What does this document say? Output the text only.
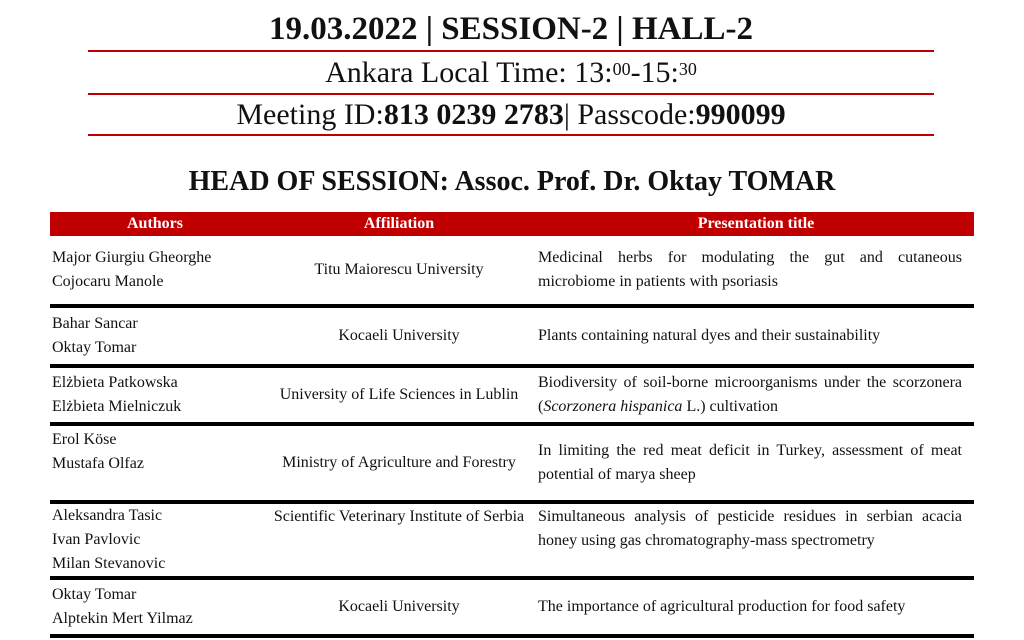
19.03.2022 | SESSION-2 | HALL-2
Ankara Local Time: 13:$^{00}$ -15:$^{30}$
Meeting ID: 813 0239 2783 | Passcode: 990099
HEAD OF SESSION: Assoc. Prof. Dr. Oktay TOMAR
Authors	Affiliation	Presentation title

Major Giurgiu Gheorghe
Cojocaru Manole	Titu Maiorescu University	Medicinal herbs for modulating the gut and cutaneous microbiome in patients with psoriasis

Bahar Sancar
Oktay Tomar	Kocaeli University	Plants containing natural dyes and their sustainability

Elżbieta Patkowska
Elżbieta Mielniczuk	University of Life Sciences in Lublin	Biodiversity of soil-borne microorganisms under the scorzonera (Scorzonera hispanica L.) cultivation

Erol Köse
Mustafa Olfaz	Ministry of Agriculture and Forestry	In limiting the red meat deficit in Turkey, assessment of meat potential of marya sheep

Aleksandra Tasic
Ivan Pavlovic
Milan Stevanovic	Scientific Veterinary Institute of Serbia	Simultaneous analysis of pesticide residues in serbian acacia honey using gas chromatography-mass spectrometry

Oktay Tomar
Alptekin Mert Yilmaz	Kocaeli University	The importance of agricultural production for food safety
